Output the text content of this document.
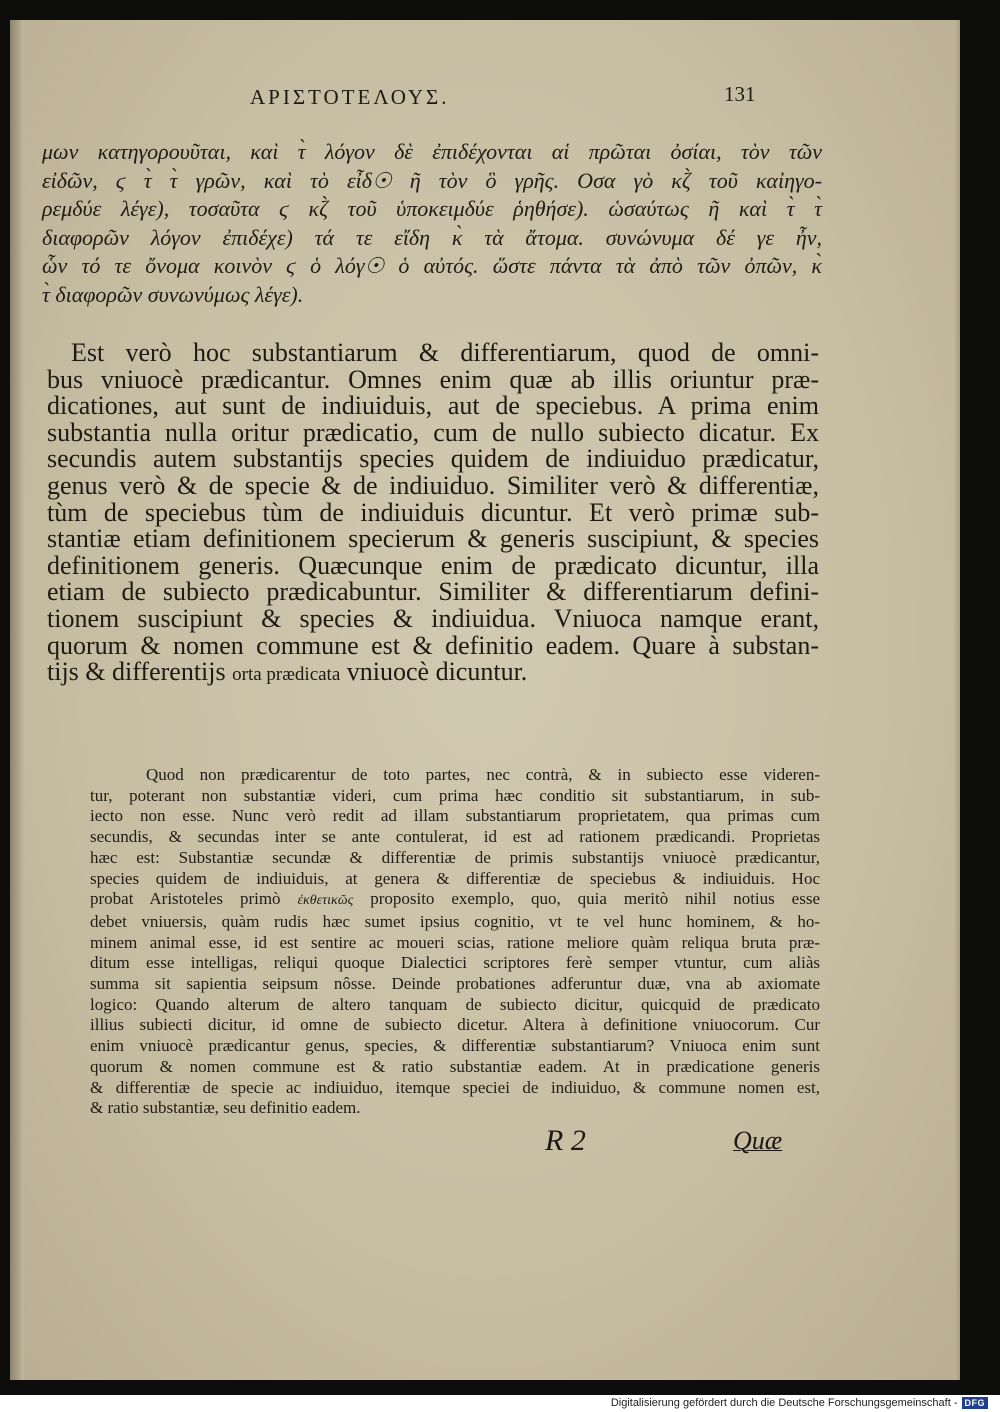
ΑΡΙΣΤΟΤΕΛΟΥΣ.	131
μων κατηγορουῦται, καὶ τ̀ λόγον δὲ ἐπιδέχονται αἱ πρῶται ὀσίαι, τὸν τῶν
εἰδῶν, ϛ τ̀ τ̀ γρῶν, καὶ τὸ εἶδ☉ ῆ τὸν ὃ γρῆς. Οσα γὸ κζ̀ τοῦ καἰηγο-
ρεμδύε λέγε), τοσαῦτα ϛ κζ̀ τοῦ ὑποκειμδύε ῥηθήσε). ὡσαύτως ῆ καὶ τ̀ τ̀
διαφορῶν λόγον ἐπιδέχε) τά τε εἴδη κ̀ τὰ ἄτομα. συνώνυμα δέ γε ἦν,
ὧν τό τε ὄνομα κοινὸν ϛ ὁ λόγ☉ ὁ αὐτός. ὥστε πάντα τὰ ἀπὸ τῶν ὀπῶν, κ̀
τ̀ διαφορῶν συνωνύμως λέγε).
Est verò hoc substantiarum & differentiarum, quod de omni-
bus vniuocè prædicantur. Omnes enim quæ ab illis oriuntur præ-
dicationes, aut sunt de indiuiduis, aut de speciebus. A prima enim
substantia nulla oritur prædicatio, cum de nullo subiecto dicatur. Ex
secundis autem substantijs species quidem de indiuiduo prædicatur,
genus verò & de specie & de indiuiduo. Similiter verò & differentiæ,
tùm de speciebus tùm de indiuiduis dicuntur. Et verò primæ sub-
stantiæ etiam definitionem specierum & generis suscipiunt, & species
definitionem generis. Quæcunque enim de prædicato dicuntur, illa
etiam de subiecto prædicabuntur. Similiter & differentiarum defini-
tionem suscipiunt & species & indiuidua. Vniuoca namque erant,
quorum & nomen commune est & definitio eadem. Quare à substan-
tijs & differentijs orta prædicata vniuocè dicuntur.
Quod non prædicarentur de toto partes, nec contrà, & in subiecto esse videren-
tur, poterant non substantiæ videri, cum prima hæc conditio sit substantiarum, in sub-
iecto non esse. Nunc verò redit ad illam substantiarum proprietatem, qua primas cum
secundis, & secundas inter se ante contulerat, id est ad rationem prædicandi. Proprietas
hæc est: Substantiæ secundæ & differentiæ de primis substantijs vniuocè prædicantur,
species quidem de indiuiduis, at genera & differentiæ de speciebus & indiuiduis. Hoc
probat Aristoteles primò ἐκθετικῶς proposito exemplo, quo, quia meritò nihil notius esse
debet vniuersis, quàm rudis hæc sumet ipsius cognitio, vt te vel hunc hominem, & ho-
minem animal esse, id est sentire ac moueri scias, ratione meliore quàm reliqua bruta præ-
ditum esse intelligas, reliqui quoque Dialectici scriptores ferè semper vtuntur, cum aliàs
summa sit sapientia seipsum nôsse. Deinde probationes adferuntur duæ, vna ab axiomate
logico: Quando alterum de altero tanquam de subiecto dicitur, quicquid de prædicato
illius subiecti dicitur, id omne de subiecto dicetur. Altera à definitione vniuocorum. Cur
enim vniuocè prædicantur genus, species, & differentiæ substantiarum? Vniuoca enim sunt
quorum & nomen commune est & ratio substantiæ eadem. At in prædicatione generis
& differentiæ de specie ac indiuiduo, itemque speciei de indiuiduo, & commune nomen est,
& ratio substantiæ, seu definitio eadem.
R 2	Quæ
Digitalisierung gefördert durch die Deutsche Forschungsgemeinschaft - DFG
